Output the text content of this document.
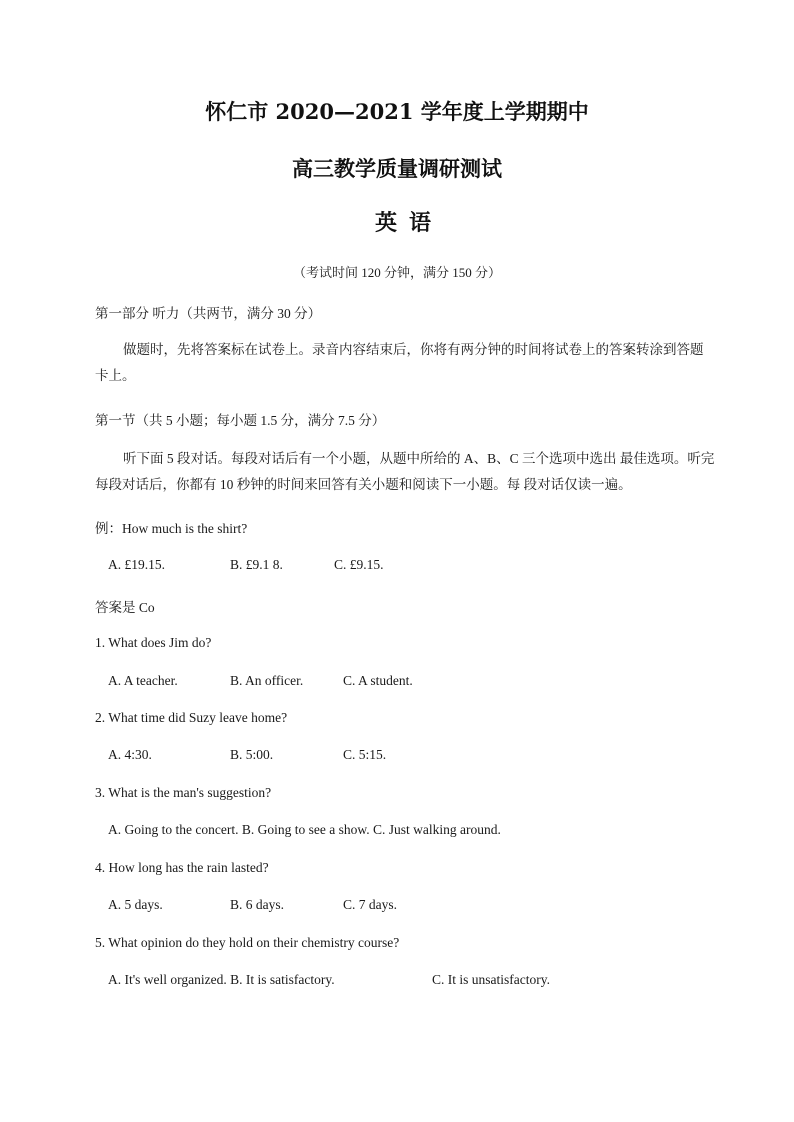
怀仁市 2020—2021 学年度上学期期中
高三教学质量调研测试
英语
（考试时间 120 分钟，满分 150 分）
第一部分 听力（共两节，满分 30 分）
做题时，先将答案标在试卷上。录音内容结束后，你将有两分钟的时间将试卷上的答案转涂到答题卡上。
第一节（共 5 小题；每小题 1.5 分，满分 7.5 分）
听下面 5 段对话。每段对话后有一个小题，从题中所给的 A、B、C 三个选项中选出 最佳选项。听完每段对话后，你都有 10 秒钟的时间来回答有关小题和阅读下一小题。每 段对话仅读一遍。
例：How much is the shirt?
A. £19.15.	B. £9.1 8.	C. £9.15.
答案是 Co
1. What does Jim do?
A. A teacher.	B. An officer.	C. A student.
2. What time did Suzy leave home?
A. 4:30.	B. 5:00.	C. 5:15.
3. What is the man's suggestion?
A. Going to the concert. B. Going to see a show. C. Just walking around.
4. How long has the rain lasted?
A. 5 days.	B. 6 days.	C. 7 days.
5. What opinion do they hold on their chemistry course?
A. It's well organized. B. It is satisfactory.	C. It is unsatisfactory.
